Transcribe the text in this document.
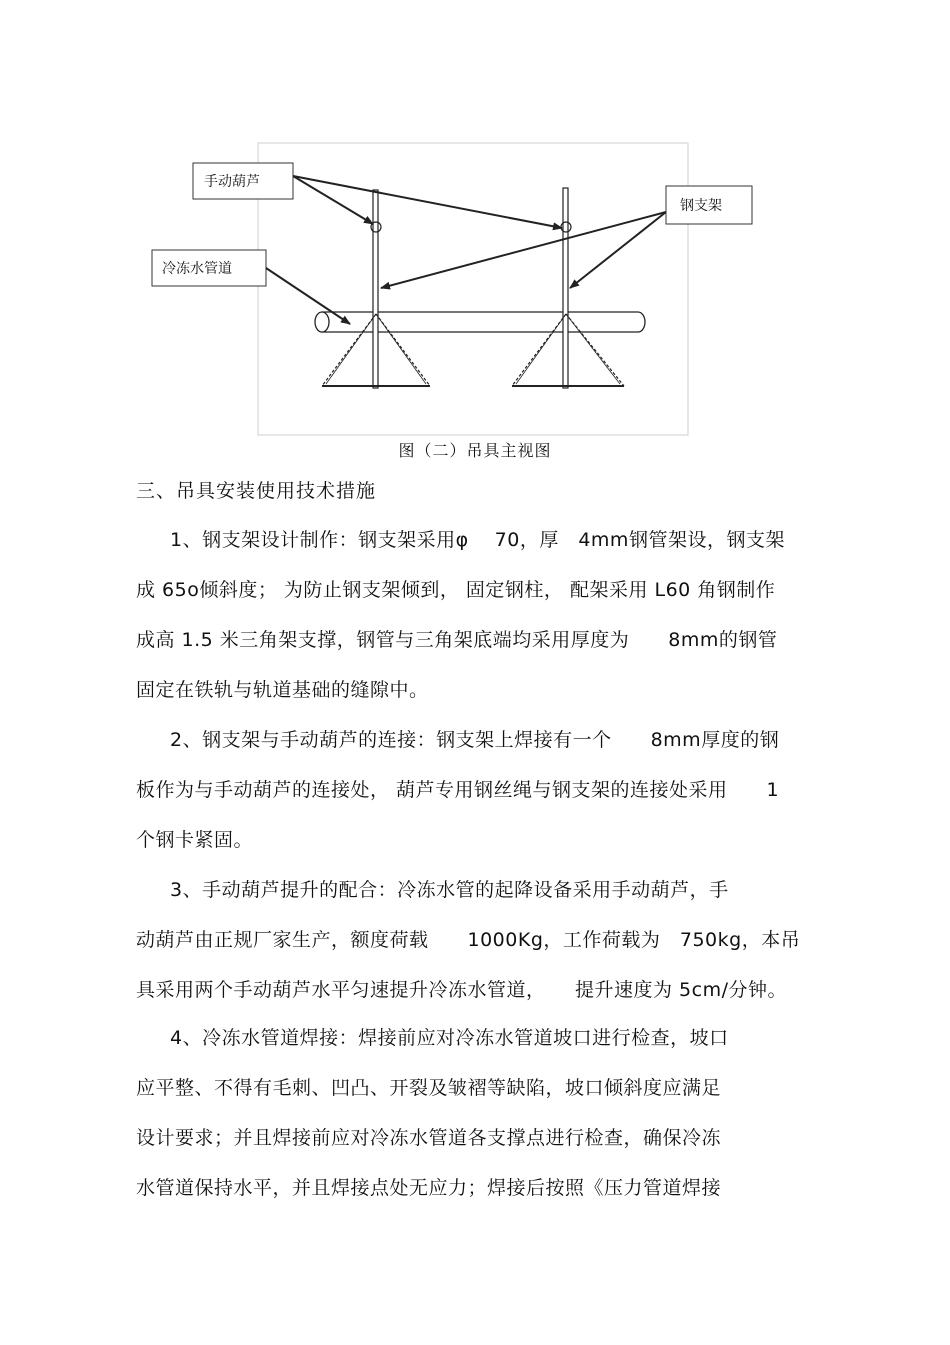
手动葫芦
钢支架
冷冻水管道
图（二）吊具主视图
三、吊具安装使用技术措施
1、钢支架设计制作：钢支架采用φ　 70，厚　4mm钢管架设，钢支架
成 65o倾斜度； 为防止钢支架倾到， 固定钢柱， 配架采用 L60 角钢制作
成高 1.5 米三角架支撑，钢管与三角架底端均采用厚度为　　8mm的钢管
固定在铁轨与轨道基础的缝隙中。
2、钢支架与手动葫芦的连接：钢支架上焊接有一个　　8mm厚度的钢
板作为与手动葫芦的连接处， 葫芦专用钢丝绳与钢支架的连接处采用　　1
个钢卡紧固。
3、手动葫芦提升的配合：冷冻水管的起降设备采用手动葫芦，手
动葫芦由正规厂家生产，额度荷载　　1000Kg，工作荷载为　750kg，本吊
具采用两个手动葫芦水平匀速提升冷冻水管道，　　提升速度为 5cm/分钟。
4、冷冻水管道焊接：焊接前应对冷冻水管道坡口进行检查，坡口
应平整、不得有毛刺、凹凸、开裂及皱褶等缺陷，坡口倾斜度应满足
设计要求；并且焊接前应对冷冻水管道各支撑点进行检查，确保冷冻
水管道保持水平，并且焊接点处无应力；焊接后按照《压力管道焊接
